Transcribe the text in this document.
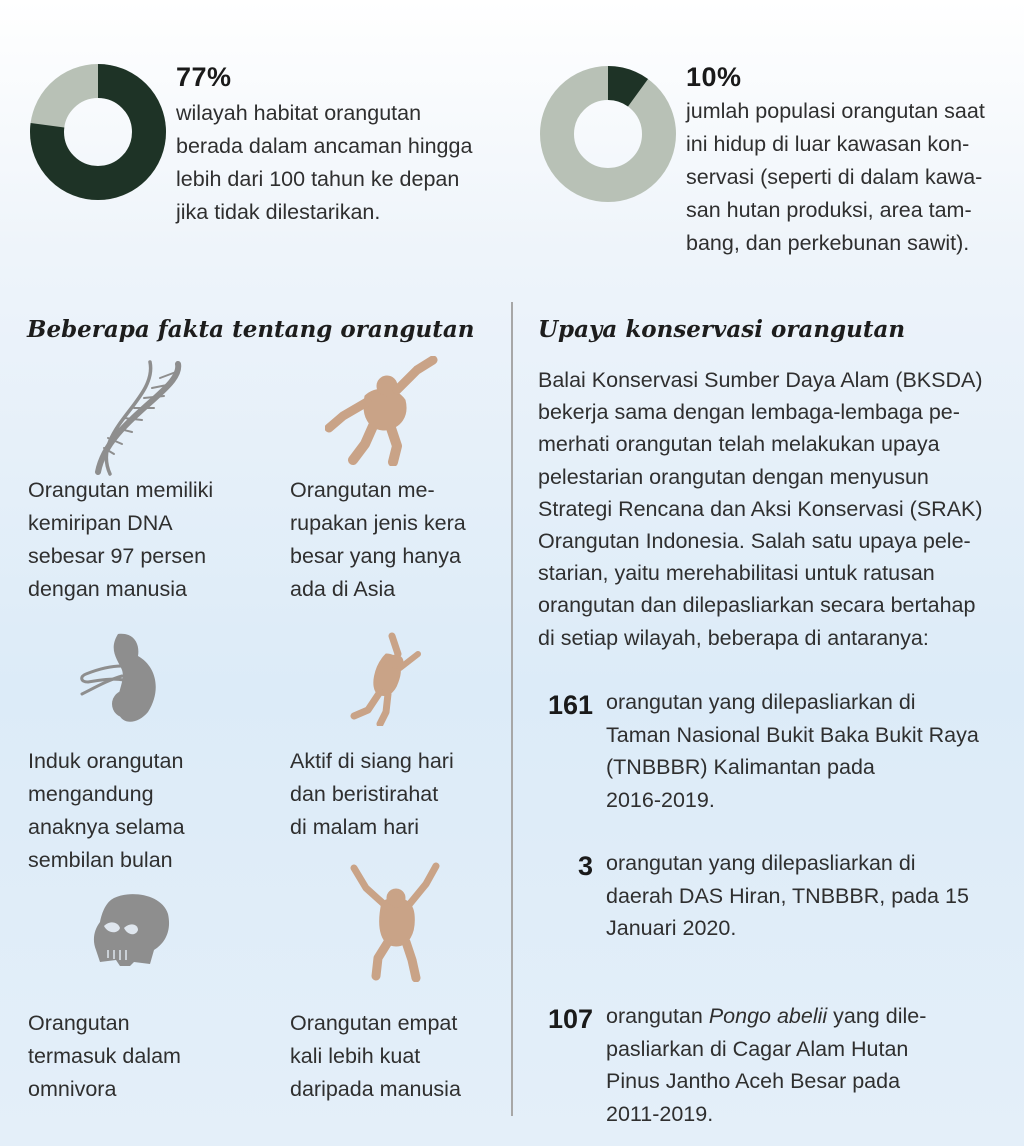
77%
wilayah habitat orangutan
berada dalam ancaman hingga
lebih dari 100 tahun ke depan
jika tidak dilestarikan.
10%
jumlah populasi orangutan saat
ini hidup di luar kawasan kon-
servasi (seperti di dalam kawa-
san hutan produksi, area tam-
bang, dan perkebunan sawit).
Beberapa fakta tentang orangutan
Orangutan memiliki
kemiripan DNA
sebesar 97 persen
dengan manusia
Orangutan me-
rupakan jenis kera
besar yang hanya
ada di Asia
Induk orangutan
mengandung
anaknya selama
sembilan bulan
Aktif di siang hari
dan beristirahat
di malam hari
Orangutan
termasuk dalam
omnivora
Orangutan empat
kali lebih kuat
daripada manusia
Upaya konservasi orangutan
Balai Konservasi Sumber Daya Alam (BKSDA)
bekerja sama dengan lembaga-lembaga pe-
merhati orangutan telah melakukan upaya
pelestarian orangutan dengan menyusun
Strategi Rencana dan Aksi Konservasi (SRAK)
Orangutan Indonesia. Salah satu upaya pele-
starian, yaitu merehabilitasi untuk ratusan
orangutan dan dilepasliarkan secara bertahap
di setiap wilayah, beberapa di antaranya:
161 orangutan yang dilepasliarkan di
Taman Nasional Bukit Baka Bukit Raya
(TNBBBR) Kalimantan pada
2016-2019.
3 orangutan yang dilepasliarkan di
daerah DAS Hiran, TNBBBR, pada 15
Januari 2020.
107 orangutan Pongo abelii yang dile-
pasliarkan di Cagar Alam Hutan
Pinus Jantho Aceh Besar pada
2011-2019.
